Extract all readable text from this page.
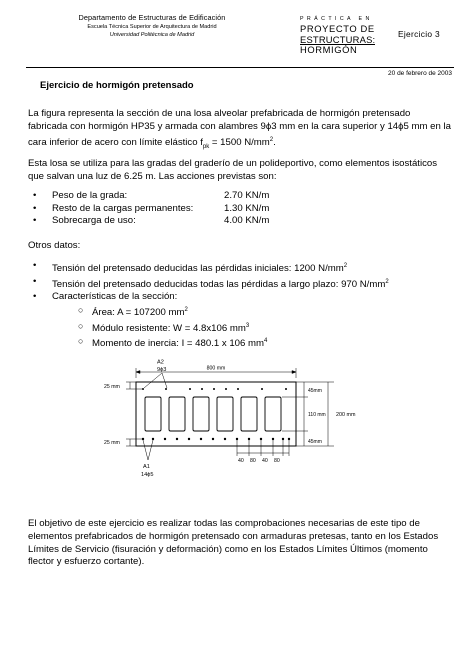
Departamento de Estructuras de Edificación
Escuela Técnica Superior de Arquitectura de Madrid
Universidad Politécnica de Madrid
PRÁCTICA EN
PROYECTO DE
ESTRUCTURAS:
HORMIGÓN
Ejercicio 3
20 de febrero de 2003
Ejercicio de hormigón pretensado
La figura representa la sección de una losa alveolar prefabricada de hormigón pretensado fabricada con hormigón HP35 y armada con alambres 9ϕ3 mm en la cara superior y 14ϕ5 mm en la cara inferior de acero con límite elástico $f_{pk} = 1500$ $N/mm^2$.
Esta losa se utiliza para las gradas del graderío de un polideportivo, como elementos isostáticos que salvan una luz de 6.25 m. Las acciones previstas son:
• Peso de la grada:	2.70 KN/m
• Resto de la cargas permanentes:	1.30 KN/m
• Sobrecarga de uso:	4.00 KN/m
Otros datos:
• Tensión del pretensado deducidas las pérdidas iniciales: 1200 $N/mm^2$
• Tensión del pretensado deducidas todas las pérdidas a largo plazo: 970 $N/mm^2$
• Características de la sección:
○ Área: A = 107200 $mm^2$
○ Módulo resistente: W = 4.8x106 $mm^3$
○ Momento de inercia: I = 480.1 x 106 $mm^4$
800 mm
A2
9ϕ3
25 mm
25 mm
45mm
110 mm
45mm
200 mm
40 80 40 80
A1
14ϕ5
El objetivo de este ejercicio es realizar todas las comprobaciones necesarias de este tipo de elementos prefabricados de hormigón pretensado con armaduras pretesas, tanto en los Estados Límites de Servicio (fisuración y deformación) como en los Estados Límites Últimos (momento flector y esfuerzo cortante).
